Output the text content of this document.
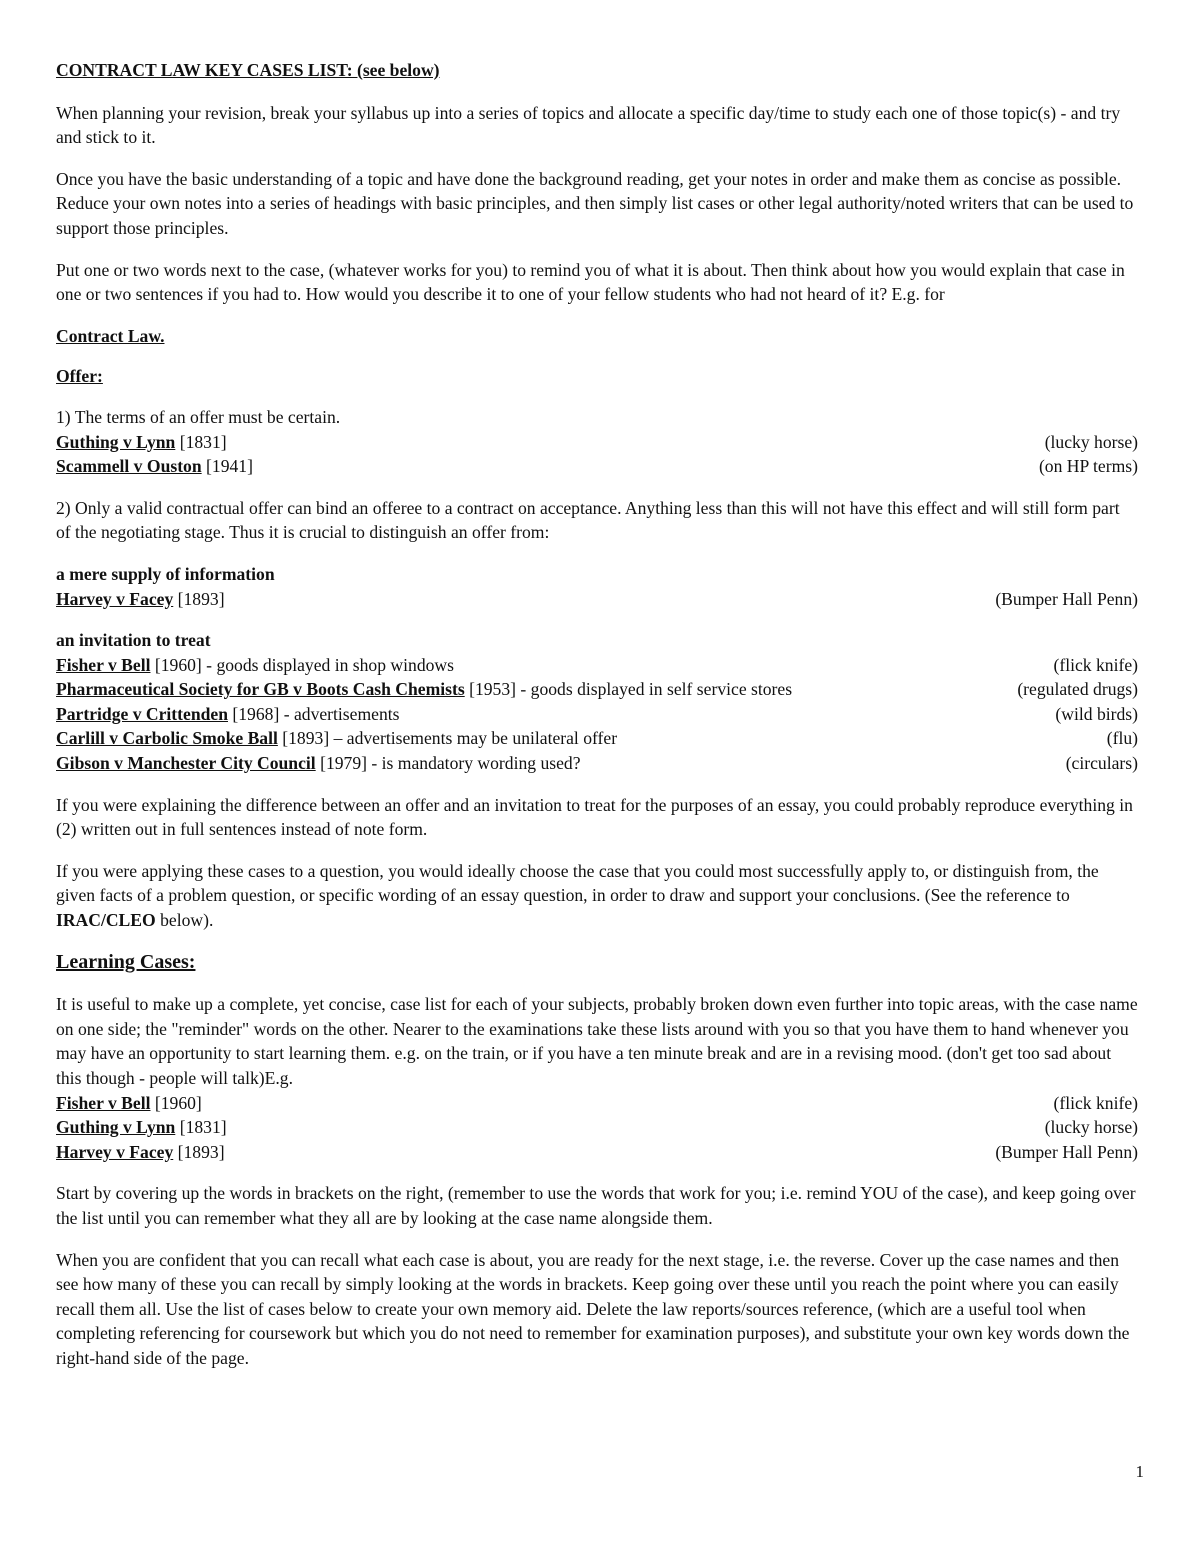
CONTRACT LAW KEY CASES LIST: (see below)

When planning your revision, break your syllabus up into a series of topics and allocate a specific day/time to study each one of those topic(s) - and try and stick to it.

Once you have the basic understanding of a topic and have done the background reading, get your notes in order and make them as concise as possible. Reduce your own notes into a series of headings with basic principles, and then simply list cases or other legal authority/noted writers that can be used to support those principles.

Put one or two words next to the case, (whatever works for you) to remind you of what it is about. Then think about how you would explain that case in one or two sentences if you had to. How would you describe it to one of your fellow students who had not heard of it? E.g. for

Contract Law.

Offer:

1) The terms of an offer must be certain.
Guthing v Lynn [1831]	(lucky horse)
Scammell v Ouston [1941]	(on HP terms)

2) Only a valid contractual offer can bind an offeree to a contract on acceptance. Anything less than this will not have this effect and will still form part of the negotiating stage. Thus it is crucial to distinguish an offer from:

a mere supply of information
Harvey v Facey [1893]	(Bumper Hall Penn)
an invitation to treat
Fisher v Bell [1960] - goods displayed in shop windows	(flick knife)
Pharmaceutical Society for GB v Boots Cash Chemists [1953] - goods displayed in self service stores	(regulated drugs)
Partridge v Crittenden [1968] - advertisements	(wild birds)
Carlill v Carbolic Smoke Ball [1893] – advertisements may be unilateral offer	(flu)
Gibson v Manchester City Council [1979] - is mandatory wording used?	(circulars)

If you were explaining the difference between an offer and an invitation to treat for the purposes of an essay, you could probably reproduce everything in (2) written out in full sentences instead of note form.

If you were applying these cases to a question, you would ideally choose the case that you could most successfully apply to, or distinguish from, the given facts of a problem question, or specific wording of an essay question, in order to draw and support your conclusions. (See the reference to IRAC/CLEO below).

Learning Cases:

It is useful to make up a complete, yet concise, case list for each of your subjects, probably broken down even further into topic areas, with the case name on one side; the "reminder" words on the other. Nearer to the examinations take these lists around with you so that you have them to hand whenever you may have an opportunity to start learning them. e.g. on the train, or if you have a ten minute break and are in a revising mood. (don't get too sad about this though - people will talk)E.g.
Fisher v Bell [1960]	(flick knife)
Guthing v Lynn [1831]	(lucky horse)
Harvey v Facey [1893]	(Bumper Hall Penn)

Start by covering up the words in brackets on the right, (remember to use the words that work for you; i.e. remind YOU of the case), and keep going over the list until you can remember what they all are by looking at the case name alongside them.

When you are confident that you can recall what each case is about, you are ready for the next stage, i.e. the reverse. Cover up the case names and then see how many of these you can recall by simply looking at the words in brackets. Keep going over these until you reach the point where you can easily recall them all. Use the list of cases below to create your own memory aid. Delete the law reports/sources reference, (which are a useful tool when completing referencing for coursework but which you do not need to remember for examination purposes), and substitute your own key words down the right-hand side of the page.

1
